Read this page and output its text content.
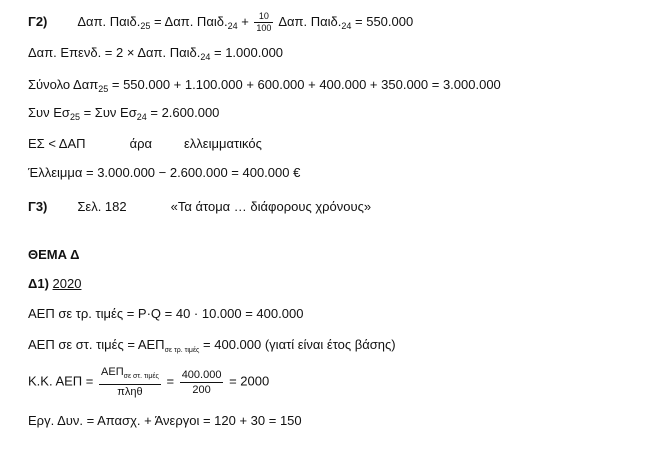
Γ2) Δαπ. $\Pi\alpha\iota\delta._{25} = \Delta\alpha\pi$. $\Pi\alpha\iota\delta._{24} + \frac{10}{100} \Delta\alpha\pi$. $\Pi\alpha\iota\delta._{24} = 550.000$
Δαπ. Επενδ. = 2 × Δαπ. $\Pi\alpha\iota\delta._{24} = 1.000.000$
Σύνολο Δαπ$_{25}$ = 550.000 + 1.100.000 + 600.000 + 400.000 + 350.000 = 3.000.000
Συν $E\sigma_{25} = \Sigma\upsilon\nu$ $E\sigma_{24} = 2.600.000$
ΕΣ < ΔΑΠ	άρα ελλειμματικός
Έλλειμμα = 3.000.000 − 2.600.000 = 400.000 €
Γ3) Σελ. 182	«Τα άτομα … διάφορους χρόνους»
ΘΕΜΑ Δ
Δ1) 2020
ΑΕΠ σε τρ. τιμές = P·Q = 40 · 10.000 = 400.000
ΑΕΠ σε στ. $\tau\iota\mu έ\varsigma = AE\Pi_{\sigma\varepsilon \tau\rho. \tau\iota\mu έ\varsigma} = 400.000$ (γιατί είναι έτος βάσης)
Κ.Κ. $AE\Pi = \frac{AE\Pi_{\sigma\varepsilon \sigma\tau. \tau\iota\mu έ\varsigma}}{\text{πληθ}} = \frac{400.000}{200} = 2000$
Εργ. Δυν. = Απασχ. + Άνεργοι = 120 + 30 = 150
